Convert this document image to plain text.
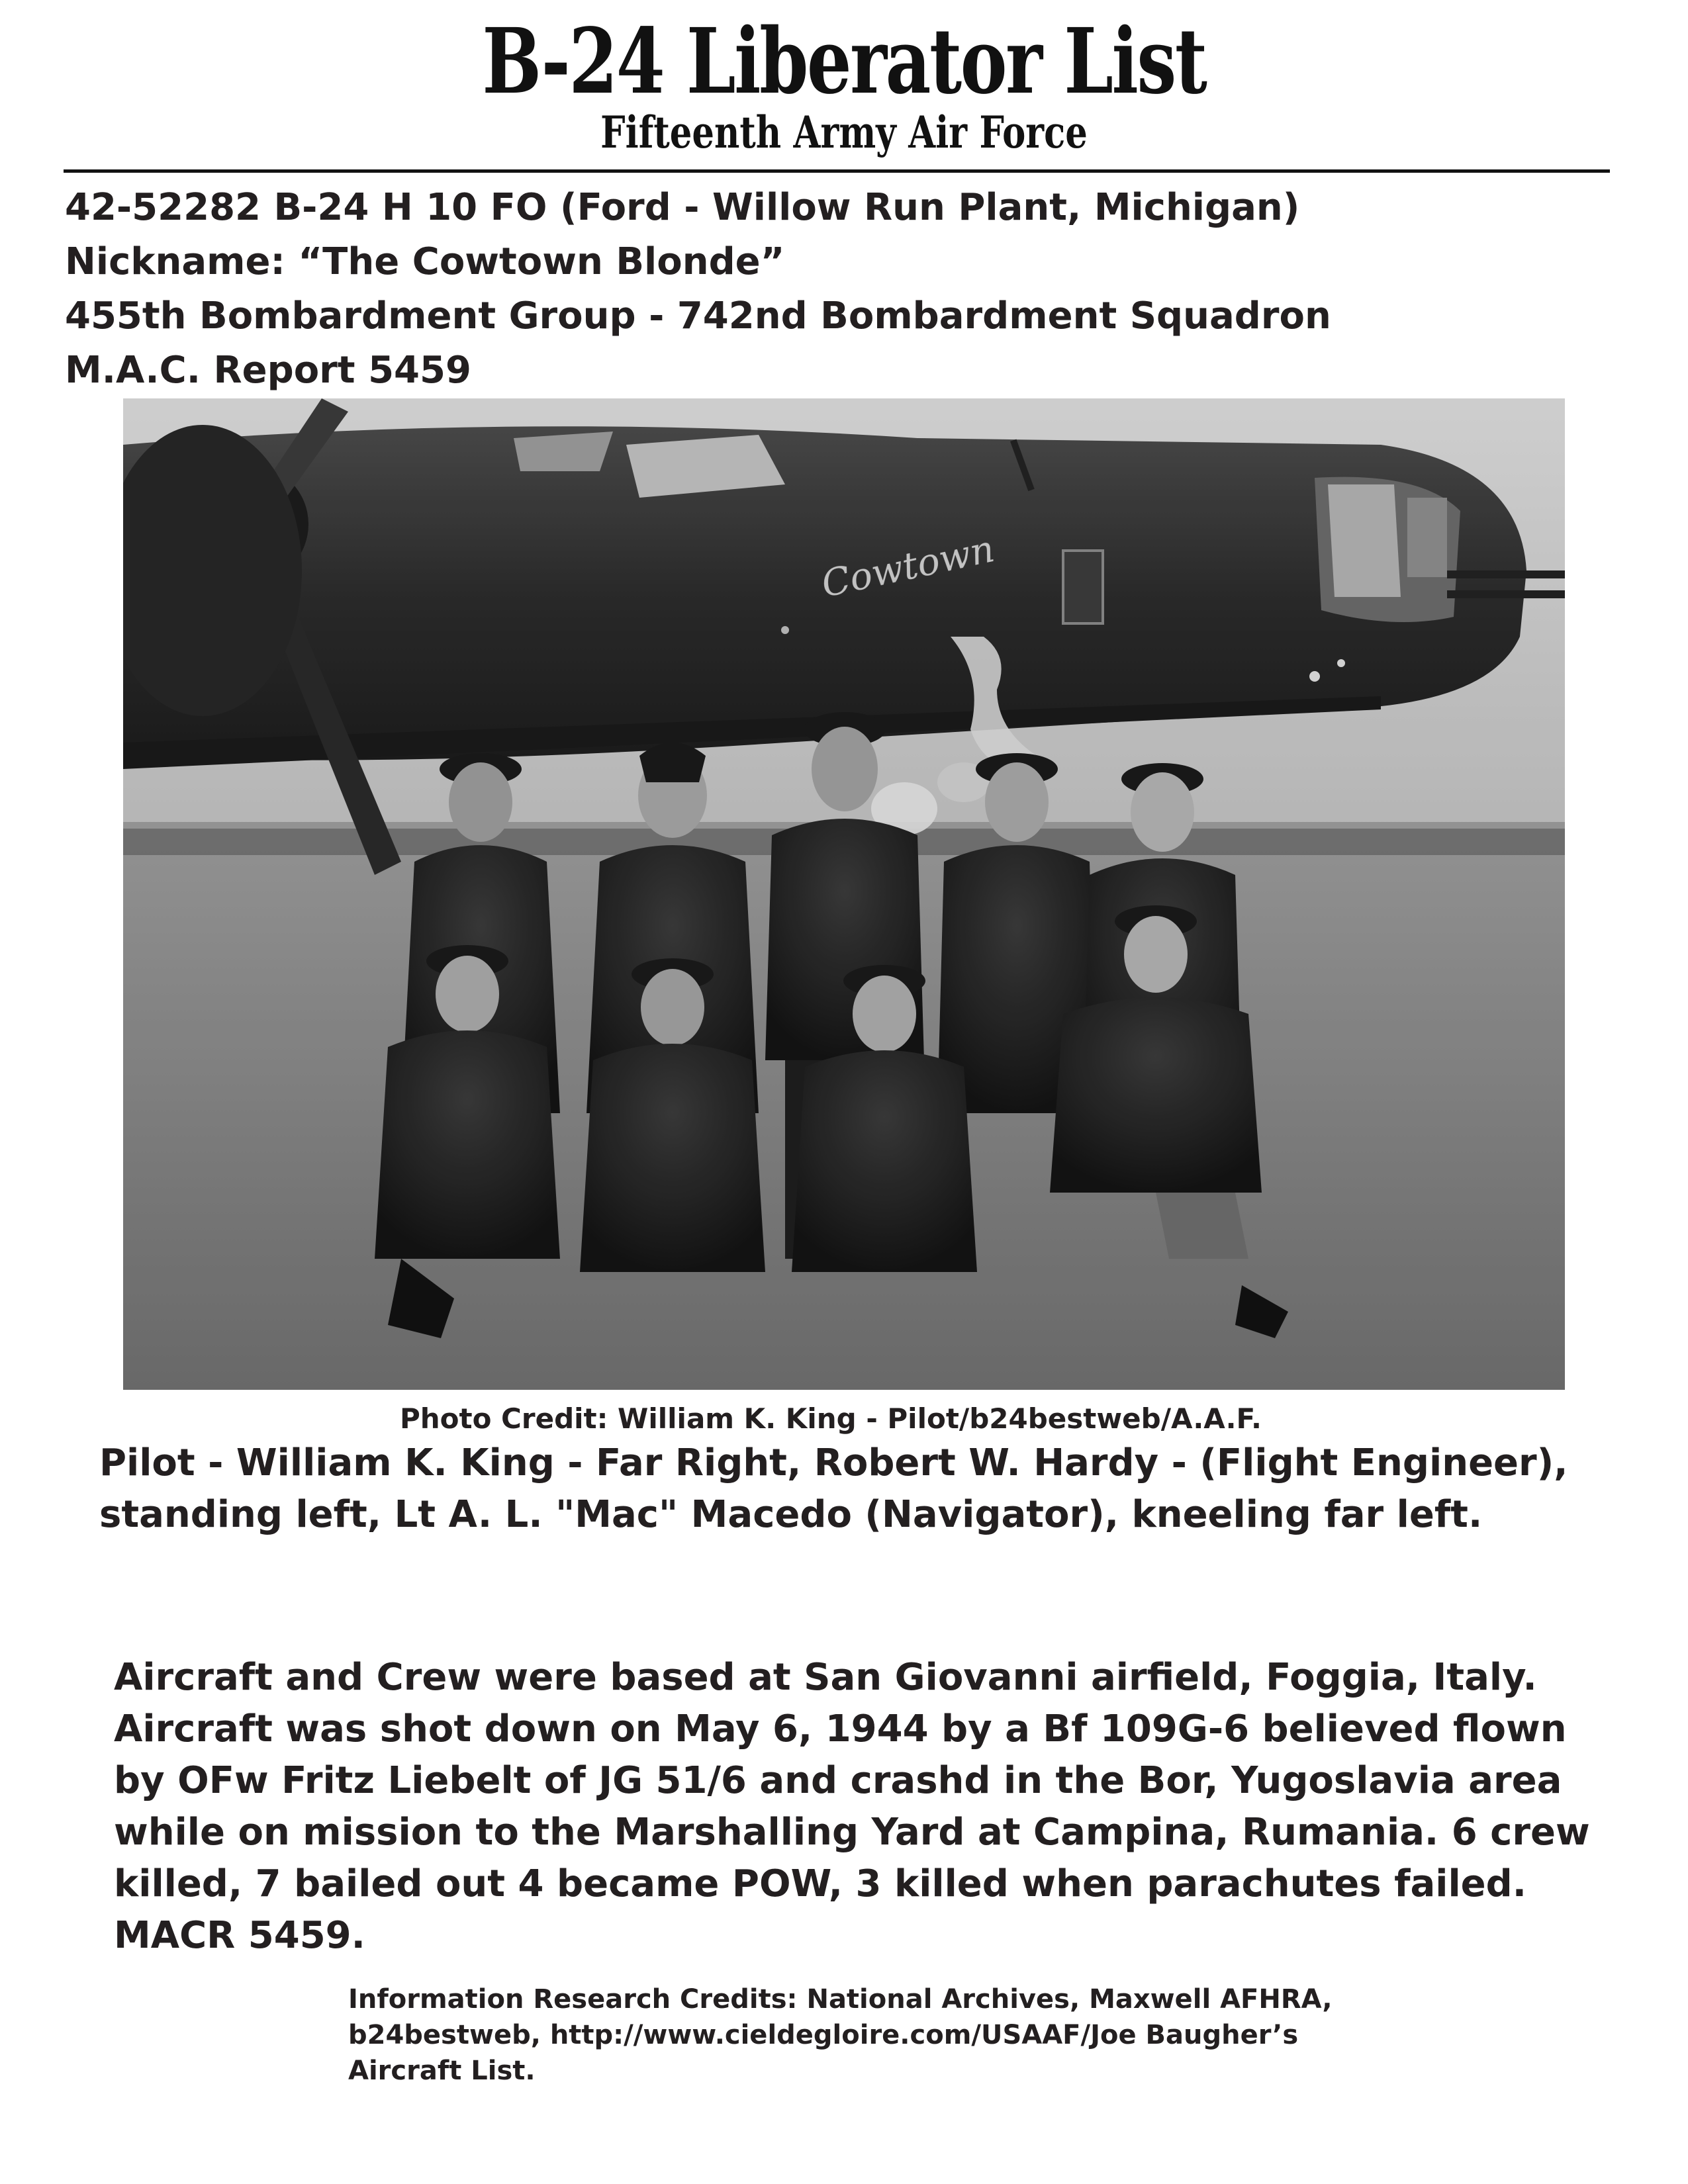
B-24 Liberator List
Fifteenth Army Air Force
42-52282 B-24 H 10 FO (Ford - Willow Run Plant, Michigan)
Nickname: “The Cowtown Blonde”
455th Bombardment Group - 742nd Bombardment Squadron
M.A.C. Report 5459
Cowtown
Photo Credit: William K. King - Pilot/b24bestweb/A.A.F.
Pilot - William K. King - Far Right, Robert W. Hardy - (Flight Engineer),
standing left, Lt A. L. "Mac" Macedo (Navigator), kneeling far left.
Aircraft and Crew were based at San Giovanni airfield, Foggia, Italy.
Aircraft was shot down on May 6, 1944 by a Bf 109G-6 believed flown
by OFw Fritz Liebelt of JG 51/6 and crashd in the Bor, Yugoslavia area
while on mission to the Marshalling Yard at Campina, Rumania. 6 crew
killed, 7 bailed out 4 became POW, 3 killed when parachutes failed.
MACR 5459.
Information Research Credits: National Archives, Maxwell AFHRA,
b24bestweb, http://www.cieldegloire.com/USAAF/Joe Baugher’s
Aircraft List.
